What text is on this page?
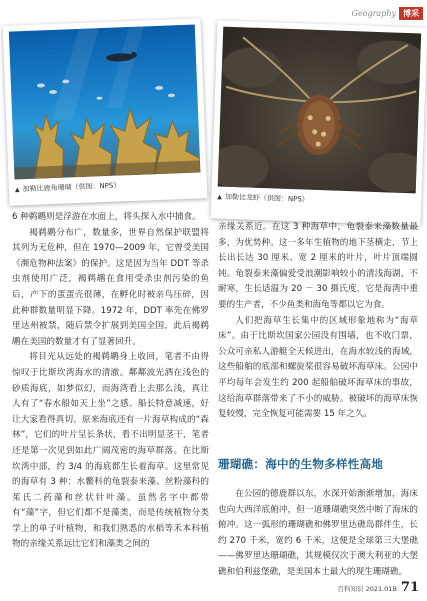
Geography 博采
▲ 加勒比鹿角珊瑚（供图：NPS）
▲ 加勒比龙虾（供图：NPS）

6 种鹈鹕则是浮游在水面上，将头探入水中捕食。

褐鹈鹕分布广，数量多，世界自然保护联盟将其列为无危种，但在 1970—2009 年，它曾受美国《濒危物种法案》的保护。这是因为当年 DDT 等杀虫剂使用广泛，褐鹈鹕在食用受杀虫剂污染的鱼后，产下的蛋蛋壳很薄，在孵化时被亲鸟压碎，因此种群数量明显下降。1972 年，DDT 率先在佛罗里达州被禁，随后禁令扩展到美国全国，此后褐鹈鹕在美国的数量才有了显著回升。

将目光从远处的褐鹈鹕身上收回，笔者不由得惊叹于比斯坎湾海水的清澈。鄰鄰波光洒在浅色的砂质海底，如梦似幻，而海湾看上去那么浅，真让人有了“春水船如天上坐”之感。船长特意减速，好让大家看得真切。原来海底还有一片海草构成的“森林”，它们的叶片呈长条状，看不出明显茎干，笔者还是第一次见到如此广阔茂密的海草群落。在比斯坎湾中部，约 3/4 的海底都生长着海草。这里常见的海草有 3 种：水鳖科的龟裂泰来藻、丝粉藻科的茱氏二药藻和丝状针叶藻。虽然名字中都带有“藻”字，但它们都不是藻类，而是传统植物分类学上的单子叶植物，和我们熟悉的水稻等禾本科植物的亲缘关系远比它们和藻类之间的

亲缘关系近。在这 3 种海草中，龟裂泰来藻数量最多，为优势种。这一多年生植物的地下茎横走，节上长出长达 30 厘米、宽 2 厘米的叶片，叶片顶端圆钝。龟裂泰来藻偏爱受浪潮影响较小的清浅海湖，不耐寒，生长适温为 20 － 30 摄氏度，它是海湾中重要的生产者，不少鱼类和海龟等都以它为食。

人们把海草生长集中的区域形象地称为“海草床”。由于比斯坎国家公园没有围墙，也不收门票，公众可亲私人游艇全天候进出，在海水较浅的海域，这些船舶的底部和螺旋桨很容易破坏海草床。公园中平均每年会发生约 200 起船舶破坏海草床的事故，这给海草群落带来了不小的威胁。被破坏的海草床恢复较慢，完全恢复可能需要 15 年之久。

珊瑚礁：海中的生物多样性高地

在公园的德鹿群以东，水深开始渐渐增加，海床也向大西洋底俯冲，但一道珊瑚礁突然中断了海床的俯冲。这一弧形的珊瑚礁和佛罗里达礁岛群伴生，长约 270 千米，宽约 6 千米，这便是全球第三大堡礁——佛罗里达珊瑚礁，其规模仅次于澳大利亚的大堡礁和伯利兹堡礁，是美国本土最大的现生珊瑚礁。

百科知识 2021.01B 71
